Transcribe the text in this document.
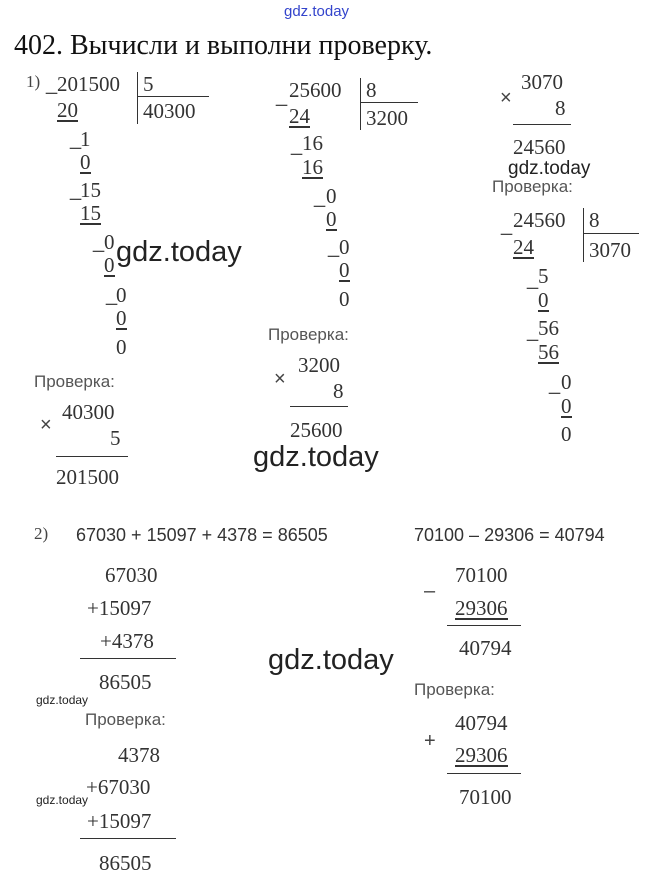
gdz.today
402. Вычисли и выполни проверку.
1) _ 201500 5
40300
20
_
1
0
_
15
15
_ 0
0
_
0
0
0
gdz.today
Проверка:
×
40300
5
201500
_ 25600 8
3200
24
_ 16
16
_ 0
0
_ 0
0
0
Проверка:
×
3200
8
25600
×
3070
8
24560
gdz.today
Проверка:
_ 24560 8
3070
24
_ 5
0
_ 56
56
_ 0
0
0
gdz.today
2) 67030 + 15097 + 4378 = 86505	70100 – 29306 = 40794
67030
+15097
+4378
86505
gdz.today
Проверка:
4378
+67030
+15097
86505
gdz.today
–
70100
29306
40794
gdz.today
Проверка:
+
40794
29306
70100
